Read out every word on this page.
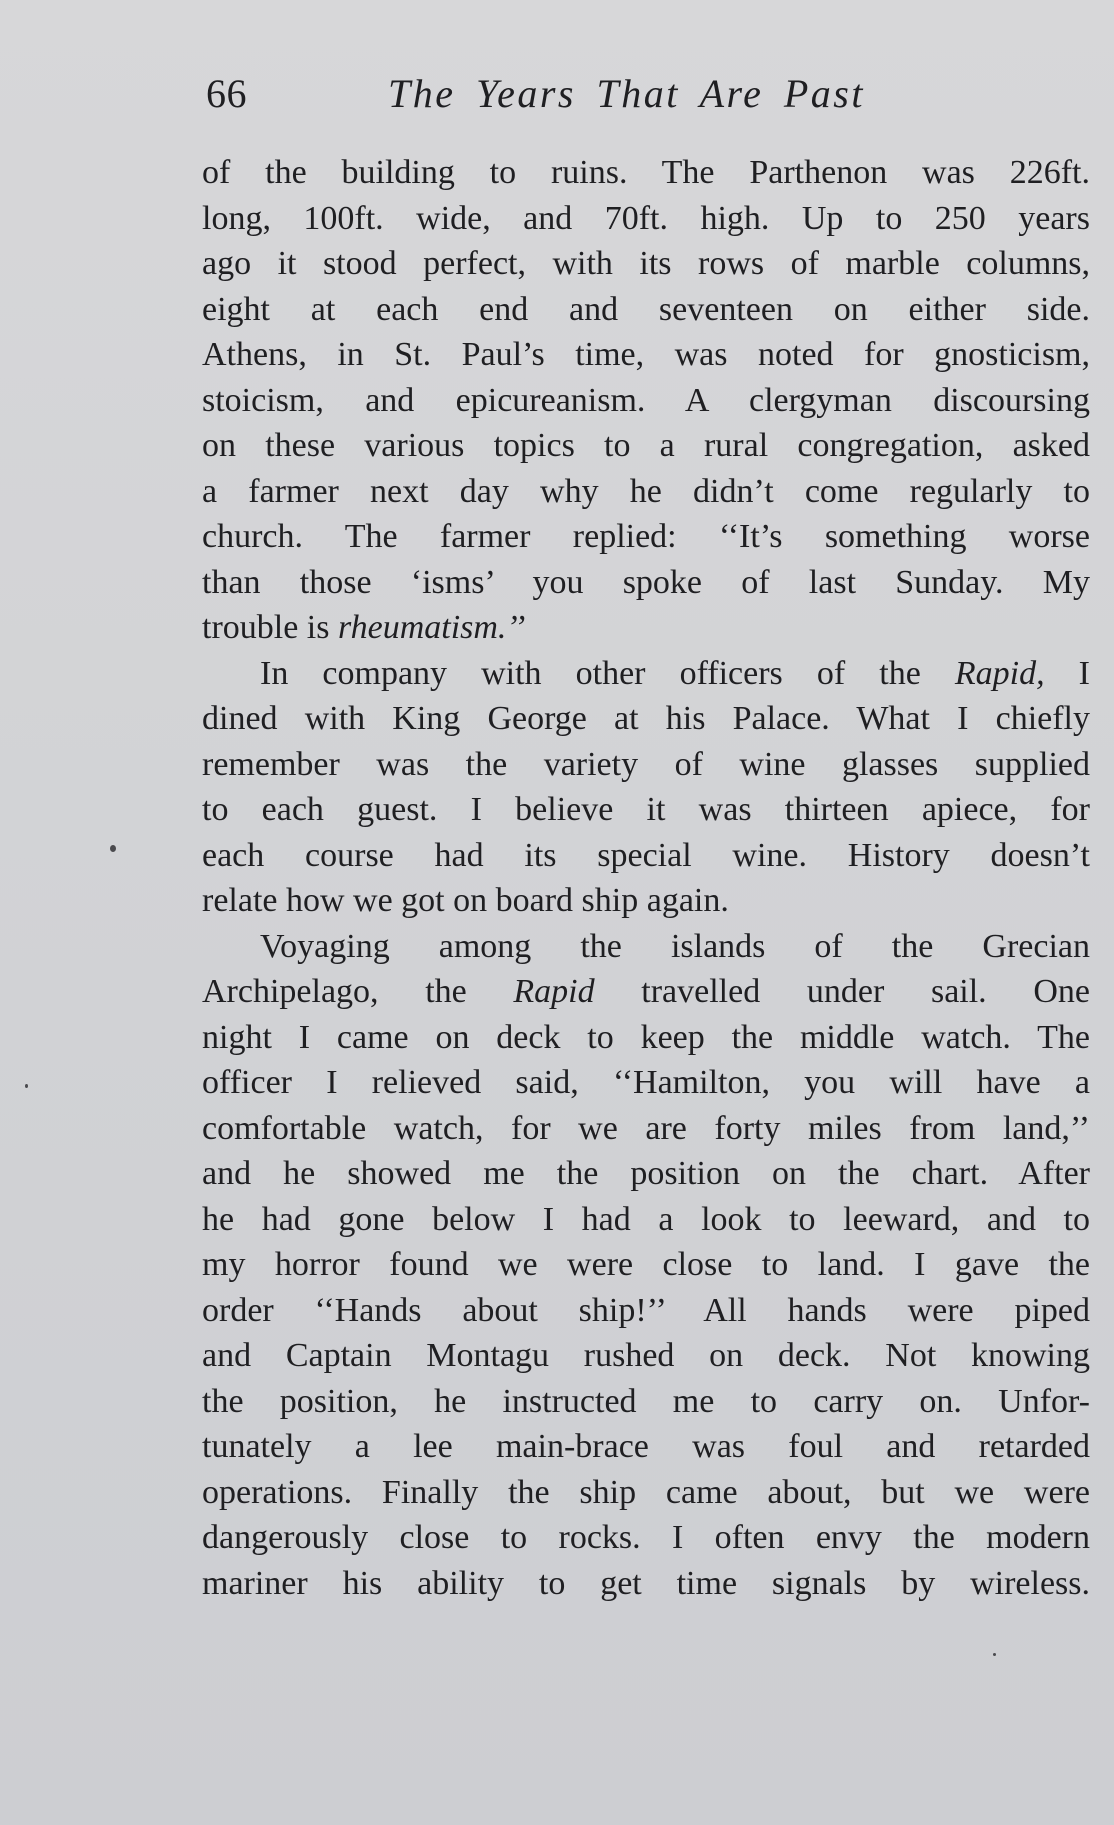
66	The Years That Are Past
of the building to ruins. The Parthenon was 226ft.
long, 100ft. wide, and 70ft. high. Up to 250 years
ago it stood perfect, with its rows of marble columns,
eight at each end and seventeen on either side.
Athens, in St. Paul’s time, was noted for gnosticism,
stoicism, and epicureanism. A clergyman discoursing
on these various topics to a rural congregation, asked
a farmer next day why he didn’t come regularly to
church. The farmer replied: ‘‘It’s something worse
than those ‘isms’ you spoke of last Sunday. My
trouble is rheumatism.’’
In company with other officers of the Rapid, I
dined with King George at his Palace. What I chiefly
remember was the variety of wine glasses supplied
to each guest. I believe it was thirteen apiece, for
each course had its special wine. History doesn’t
relate how we got on board ship again.
Voyaging among the islands of the Grecian
Archipelago, the Rapid travelled under sail. One
night I came on deck to keep the middle watch. The
officer I relieved said, ‘‘Hamilton, you will have a
comfortable watch, for we are forty miles from land,’’
and he showed me the position on the chart. After
he had gone below I had a look to leeward, and to
my horror found we were close to land. I gave the
order ‘‘Hands about ship!’’ All hands were piped
and Captain Montagu rushed on deck. Not knowing
the position, he instructed me to carry on. Unfor-
tunately a lee main-brace was foul and retarded
operations. Finally the ship came about, but we were
dangerously close to rocks. I often envy the modern
mariner his ability to get time signals by wireless.
